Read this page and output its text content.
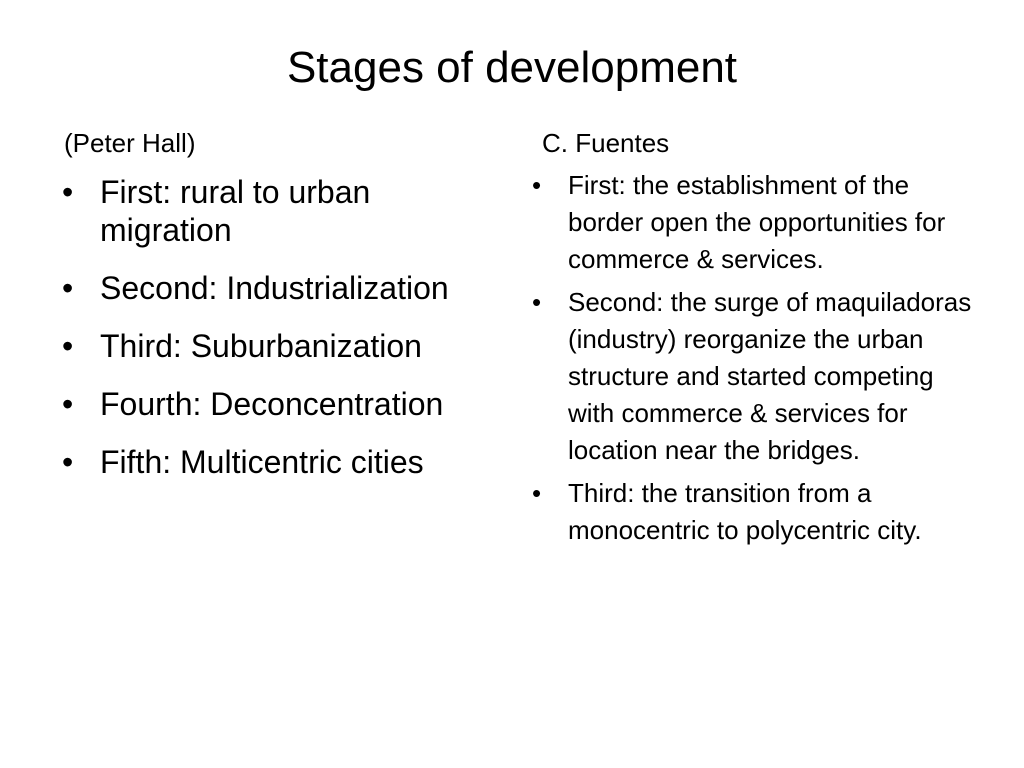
Stages of development
(Peter Hall)
• First: rural to urban migration
• Second: Industrialization
• Third: Suburbanization
• Fourth: Deconcentration
• Fifth: Multicentric cities
C. Fuentes
•	First: the establishment of the border open the opportunities for commerce & services.
•	Second: the surge of maquiladoras (industry) reorganize the urban structure and started competing with commerce & services for location near the bridges.
•	Third: the transition from a monocentric to polycentric city.
